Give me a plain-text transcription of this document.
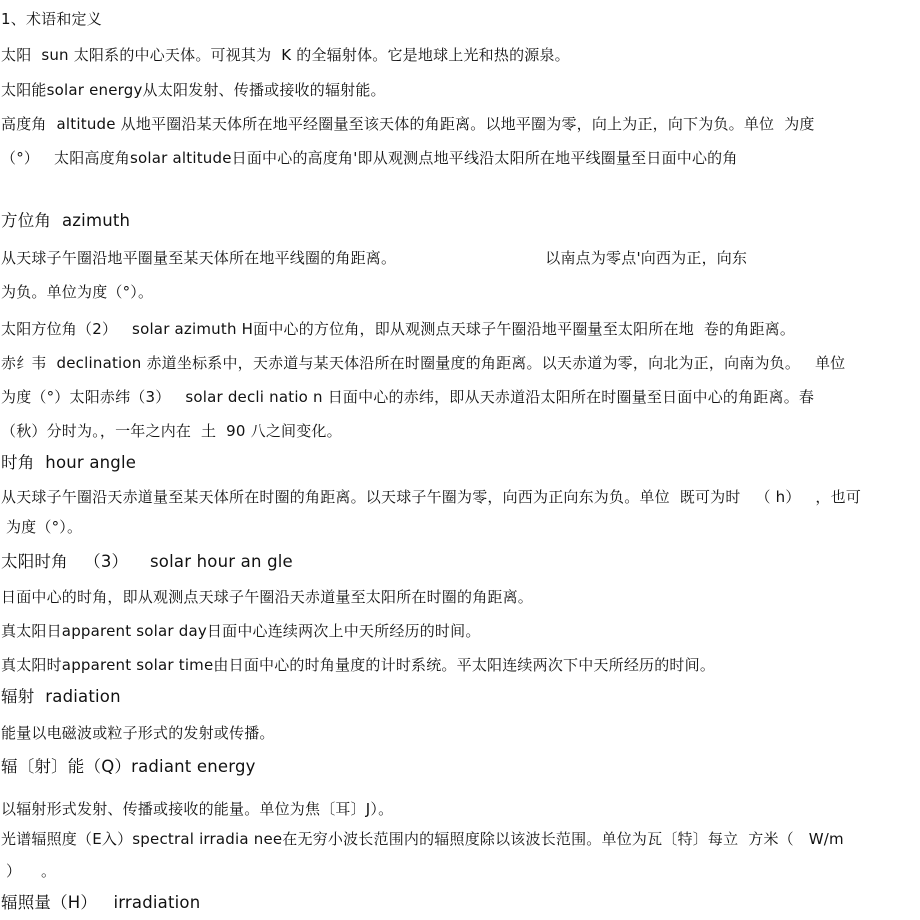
1、术语和定义
太阳  sun 太阳系的中心天体。可视其为  K 的全辐射体。它是地球上光和热的源泉。
太阳能solar energy从太阳发射、传播或接收的辐射能。
高度角  altitude 从地平圈沿某天体所在地平经圈量至该天体的角距离。以地平圈为零，向上为正，向下为负。单位  为度
（°）   太阳高度角solar altitude日面中心的高度角'即从观测点地平线沿太阳所在地平线圈量至日面中心的角
方位角  azimuth
从天球子午圈沿地平圈量至某天体所在地平线圈的角距离。                              以南点为零点'向西为正，向东
为负。单位为度（°）。
太阳方位角（2）   solar azimuth H面中心的方位角，即从观测点天球子午圈沿地平圈量至太阳所在地  卷的角距离。
赤纟韦  declination 赤道坐标系中，天赤道与某天体沿所在时圈量度的角距离。以天赤道为零，向北为正，向南为负。   单位
为度（°）太阳赤纬（3）   solar decli natio n 日面中心的赤纬，即从天赤道沿太阳所在时圈量至日面中心的角距离。春
（秋）分时为。，一年之内在  土  90 八之间变化。
时角  hour angle
从天球子午圈沿天赤道量至某天体所在时圈的角距离。以天球子午圈为零，向西为正向东为负。单位  既可为时   （ h）   ，也可
为度（°）。
太阳时角   （3）    solar hour an gle
日面中心的时角，即从观测点天球子午圈沿天赤道量至太阳所在时圈的角距离。
真太阳日apparent solar day日面中心连续两次上中天所经历的时间。
真太阳时apparent solar time由日面中心的时角量度的计时系统。平太阳连续两次下中天所经历的时间。
辐射  radiation
能量以电磁波或粒子形式的发射或传播。
辐〔射〕能（Q）radiant energy
以辐射形式发射、传播或接收的能量。单位为焦〔耳〕J）。
光谱辐照度（E入）spectral irradia nee在无穷小波长范围内的辐照度除以该波长范围。单位为瓦〔特〕每立  方米（   W/m
）    。
辐照量（H）   irradiation
